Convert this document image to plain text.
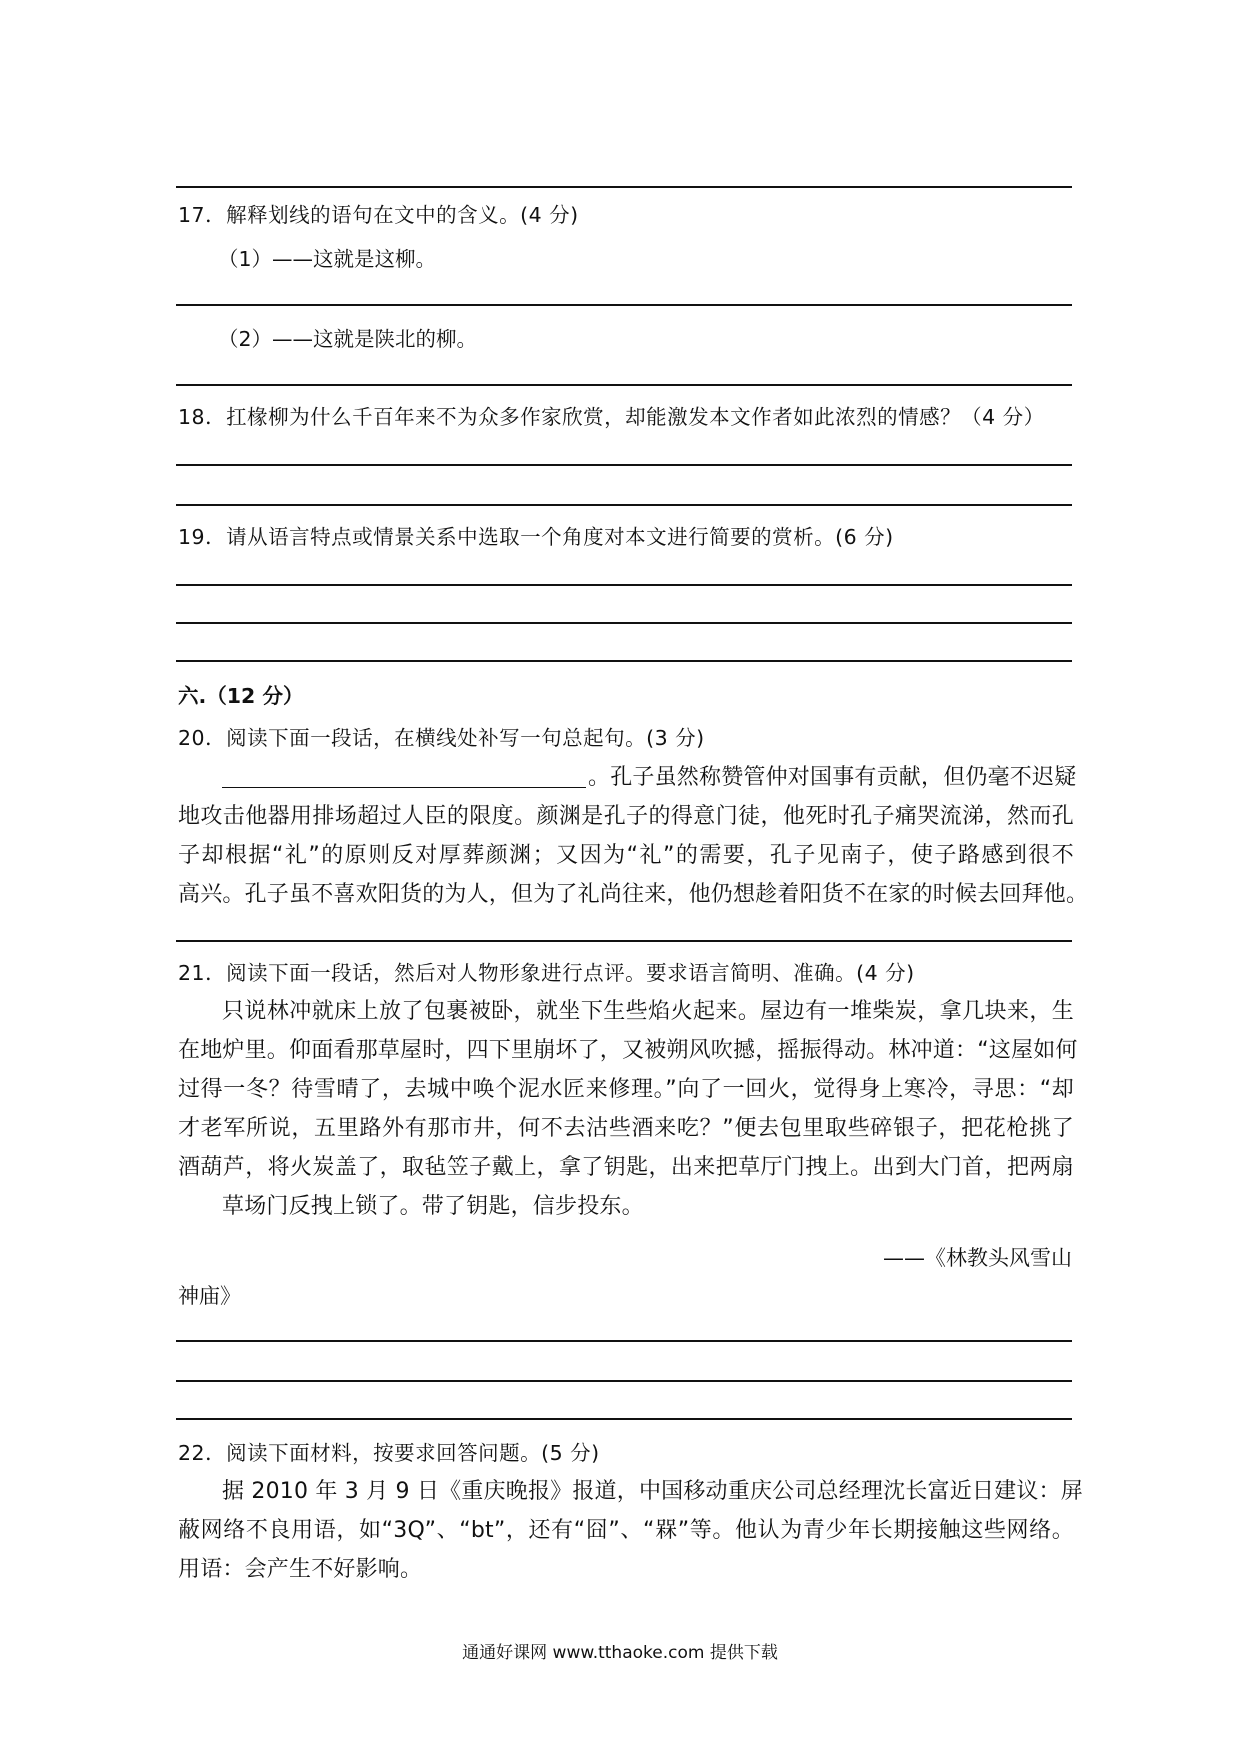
17．解释划线的语句在文中的含义。(4 分)
（1）——这就是这柳。
（2）——这就是陕北的柳。
18．扛椽柳为什么千百年来不为众多作家欣赏，却能激发本文作者如此浓烈的情感？（4 分）
19．请从语言特点或情景关系中选取一个角度对本文进行简要的赏析。(6 分)
六.（12 分）
20．阅读下面一段话，在横线处补写一句总起句。(3 分)
。孔子虽然称赞管仲对国事有贡献，但仍毫不迟疑
地攻击他器用排场超过人臣的限度。颜渊是孔子的得意门徒，他死时孔子痛哭流涕，然而孔
子却根据“礼”的原则反对厚葬颜渊；又因为“礼”的需要，孔子见南子，使子路感到很不
高兴。孔子虽不喜欢阳货的为人，但为了礼尚往来，他仍想趁着阳货不在家的时候去回拜他。
21．阅读下面一段话，然后对人物形象进行点评。要求语言简明、准确。(4 分)
只说林冲就床上放了包裹被卧，就坐下生些焰火起来。屋边有一堆柴炭，拿几块来，生
在地炉里。仰面看那草屋时，四下里崩坏了，又被朔风吹撼，摇振得动。林冲道：“这屋如何
过得一冬？待雪晴了，去城中唤个泥水匠来修理。”向了一回火，觉得身上寒冷，寻思：“却
才老军所说，五里路外有那市井，何不去沽些酒来吃？”便去包里取些碎银子，把花枪挑了
酒葫芦，将火炭盖了，取毡笠子戴上，拿了钥匙，出来把草厅门拽上。出到大门首，把两扇
草场门反拽上锁了。带了钥匙，信步投东。
——《林教头风雪山
神庙》
22．阅读下面材料，按要求回答问题。(5 分)
据 2010 年 3 月 9 日《重庆晚报》报道，中国移动重庆公司总经理沈长富近日建议：屏
蔽网络不良用语，如“3Q”、“bt”，还有“囧”、“槑”等。他认为青少年长期接触这些网络。
用语：会产生不好影响。
通通好课网 www.tthaoke.com 提供下载
